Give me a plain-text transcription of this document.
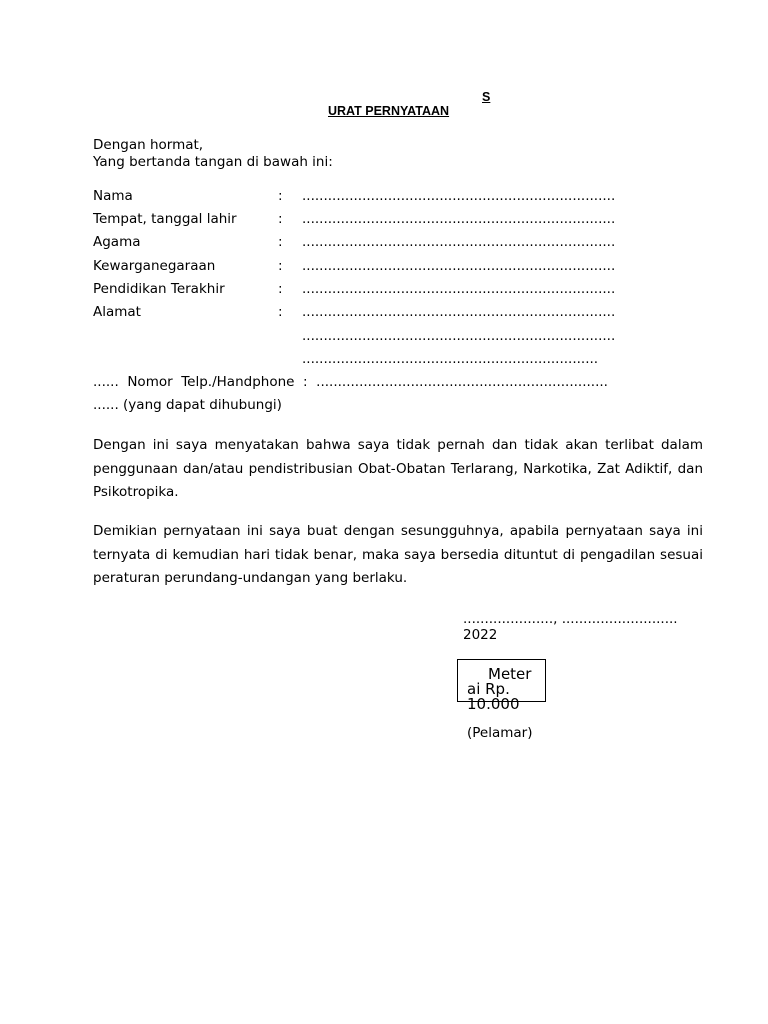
S
URAT PERNYATAAN
Dengan hormat,
Yang bertanda tangan di bawah ini:
Nama	: .........................................................................
Tempat, tanggal lahir	: .........................................................................
Agama	: .........................................................................
Kewarganegaraan	: .........................................................................
Pendidikan Terakhir	: .........................................................................
Alamat	: .........................................................................
.........................................................................
.....................................................................
......  Nomor  Telp./Handphone  :  ....................................................................
...... (yang dapat dihubungi)

Dengan ini saya menyatakan bahwa saya tidak pernah dan tidak akan terlibat dalam penggunaan dan/atau pendistribusian Obat-Obatan Terlarang, Narkotika, Zat Adiktif, dan Psikotropika.

Demikian pernyataan ini saya buat dengan sesungguhnya, apabila pernyataan saya ini ternyata di kemudian hari tidak benar, maka saya bersedia dituntut di pengadilan sesuai peraturan perundang-undangan yang berlaku.

....................., ...........................
2022
Meter
ai Rp.
10.000
(Pelamar)
